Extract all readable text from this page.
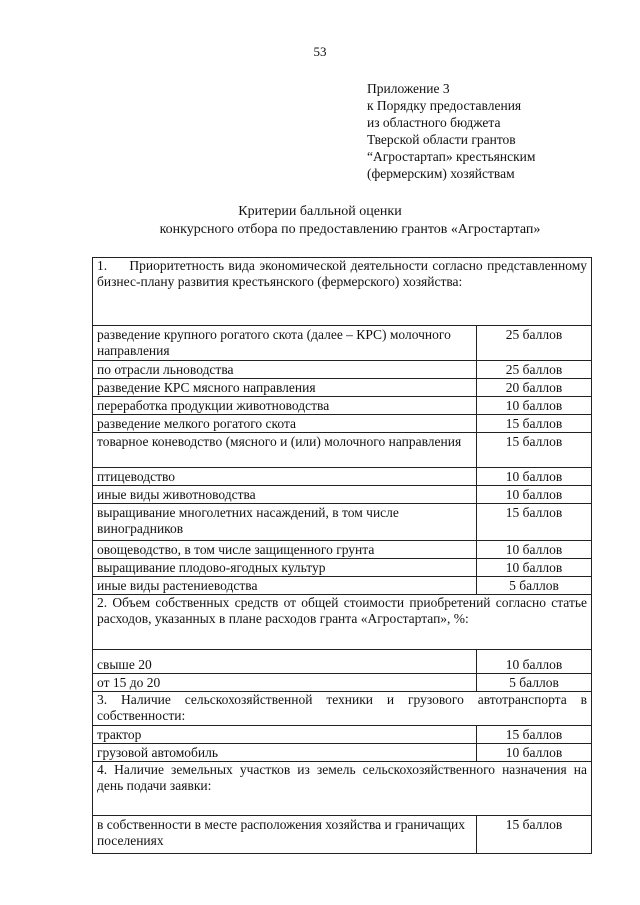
53
Приложение 3
к Порядку предоставления
из областного бюджета
Тверской области грантов
“Агростартап» крестьянским
(фермерским) хозяйствам
Критерии балльной оценки
конкурсного отбора по предоставлению грантов «Агростартап»
1.     Приоритетность вида экономической деятельности согласно представленному бизнес-плану развития крестьянского (фермерского) хозяйства:	
разведение крупного рогатого скота (далее – КРС) молочного направления	25 баллов
по отрасли льноводства	25 баллов
разведение КРС мясного направления	20 баллов
переработка продукции животноводства	10 баллов
разведение мелкого рогатого скота	15 баллов
товарное коневодство (мясного и (или) молочного направления	15 баллов
птицеводство	10 баллов
иные виды животноводства	10 баллов
выращивание многолетних насаждений, в том числе виноградников	15 баллов
овощеводство, в том числе защищенного грунта	10 баллов
выращивание плодово-ягодных культур	10 баллов
иные виды растениеводства	5 баллов
2. Объем собственных средств от общей стоимости приобретений согласно статье расходов, указанных в плане расходов гранта «Агростартап», %:	
свыше 20	10 баллов
от 15 до 20	5 баллов
3. Наличие сельскохозяйственной техники и грузового автотранспорта в собственности:	
трактор	15 баллов
грузовой автомобиль	10 баллов
4. Наличие земельных участков из земель сельскохозяйственного назначения на день подачи заявки:	
в собственности в месте расположения хозяйства и граничащих поселениях	15 баллов
